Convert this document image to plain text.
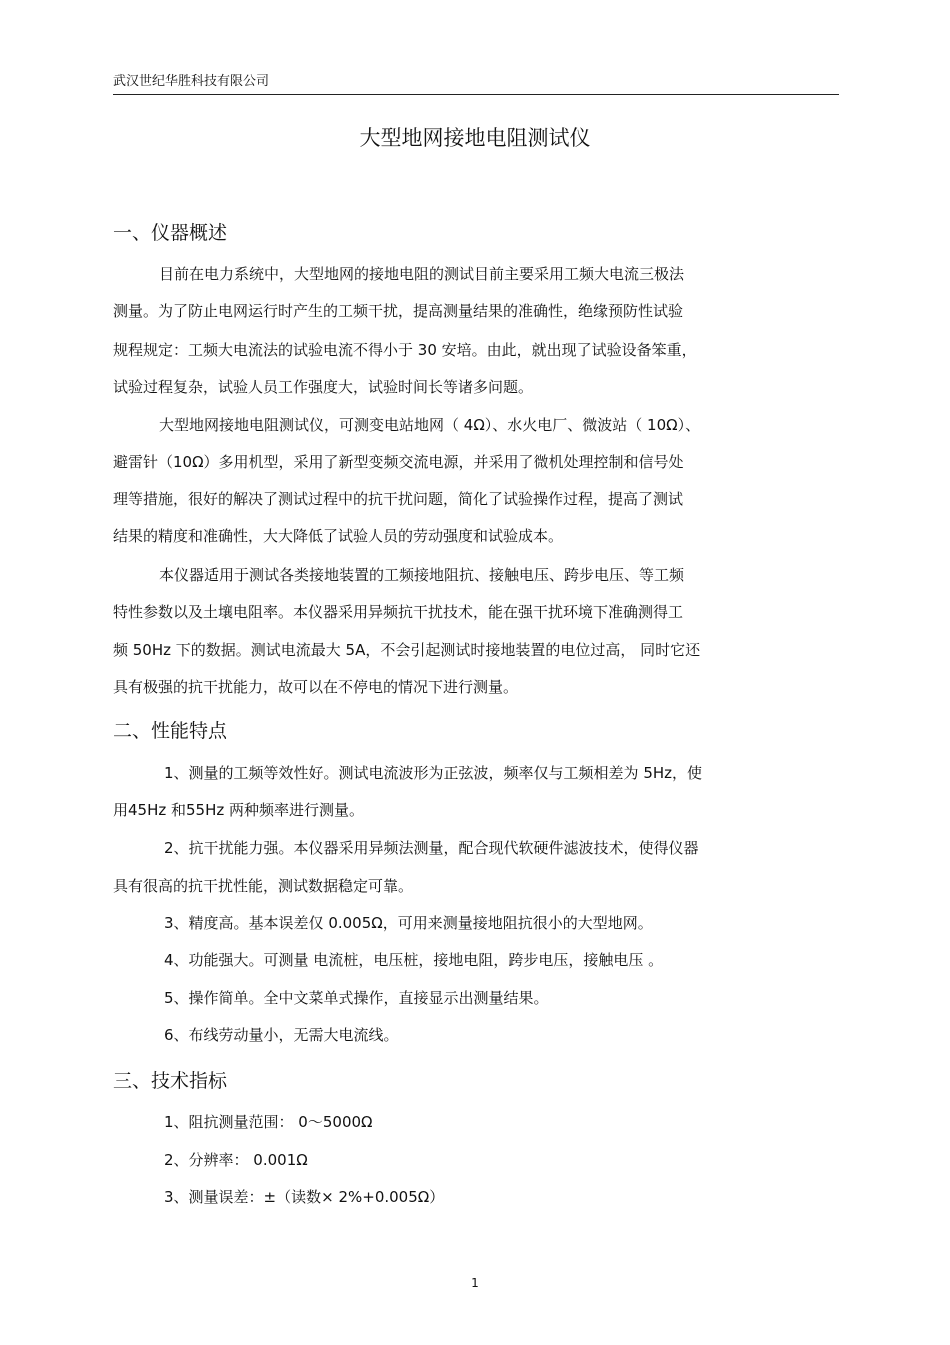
武汉世纪华胜科技有限公司
大型地网接地电阻测试仪
一、仪器概述
目前在电力系统中，大型地网的接地电阻的测试目前主要采用工频大电流三极法
测量。为了防止电网运行时产生的工频干扰，提高测量结果的准确性，绝缘预防性试验
规程规定：工频大电流法的试验电流不得小于 30 安培。由此，就出现了试验设备笨重，
试验过程复杂，试验人员工作强度大，试验时间长等诸多问题。
大型地网接地电阻测试仪，可测变电站地网（ 4Ω）、水火电厂、微波站（ 10Ω）、
避雷针（10Ω）多用机型，采用了新型变频交流电源，并采用了微机处理控制和信号处
理等措施，很好的解决了测试过程中的抗干扰问题，简化了试验操作过程，提高了测试
结果的精度和准确性，大大降低了试验人员的劳动强度和试验成本。
本仪器适用于测试各类接地装置的工频接地阻抗、接触电压、跨步电压、等工频
特性参数以及土壤电阻率。本仪器采用异频抗干扰技术，能在强干扰环境下准确测得工
频 50Hz 下的数据。测试电流最大 5A，不会引起测试时接地装置的电位过高， 同时它还
具有极强的抗干扰能力，故可以在不停电的情况下进行测量。
二、性能特点
1、测量的工频等效性好。测试电流波形为正弦波，频率仅与工频相差为 5Hz，使
用45Hz 和55Hz 两种频率进行测量。
2、抗干扰能力强。本仪器采用异频法测量，配合现代软硬件滤波技术，使得仪器
具有很高的抗干扰性能，测试数据稳定可靠。
3、精度高。基本误差仅 0.005Ω，可用来测量接地阻抗很小的大型地网。
4、功能强大。可测量 电流桩，电压桩，接地电阻，跨步电压，接触电压 。
5、操作简单。全中文菜单式操作，直接显示出测量结果。
6、布线劳动量小，无需大电流线。
三、技术指标
1、阻抗测量范围： 0～5000Ω
2、分辨率： 0.001Ω
3、测量误差：±（读数× 2%+0.005Ω）
1
